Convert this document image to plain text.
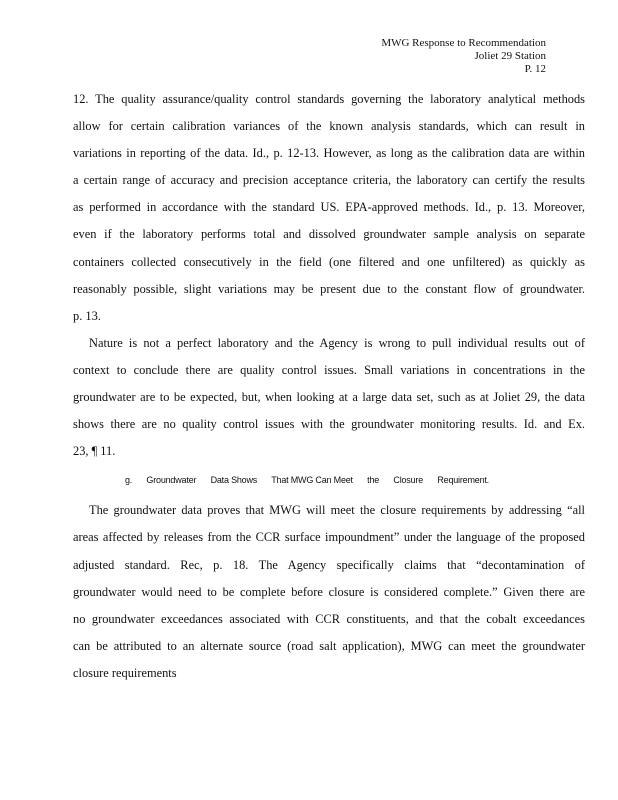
MWG Response to Recommendation
Joliet 29 Station
P. 12

12. The quality assurance/quality control standards governing the laboratory analytical methods
allow for certain calibration variances of the known analysis standards, which can result in
variations in reporting of the data. Id., p. 12-13. However, as long as the calibration data are within
a certain range of accuracy and precision acceptance criteria, the laboratory can certify the results
as performed in accordance with the standard US. EPA-approved methods. Id., p. 13. Moreover,
even if the laboratory performs total and dissolved groundwater sample analysis on separate
containers collected consecutively in the field (one filtered and one unfiltered) as quickly as
reasonably possible, slight variations may be present due to the constant flow of groundwater.
p. 13.

Nature is not a perfect laboratory and the Agency is wrong to pull individual results out of
context to conclude there are quality control issues. Small variations in concentrations in the
groundwater are to be expected, but, when looking at a large data set, such as at Joliet 29, the data
shows there are no quality control issues with the groundwater monitoring results. Id. and Ex.
23, ¶ 11.

g. Groundwater Data Shows That MWG Can Meet the Closure Requirement.

The groundwater data proves that MWG will meet the closure requirements by addressing “all
areas affected by releases from the CCR surface impoundment” under the language of the proposed
adjusted standard. Rec, p. 18. The Agency specifically claims that “decontamination of
groundwater would need to be complete before closure is considered complete.” Given there are
no groundwater exceedances associated with CCR constituents, and that the cobalt exceedances
can be attributed to an alternate source (road salt application), MWG can meet the groundwater
closure requirements
